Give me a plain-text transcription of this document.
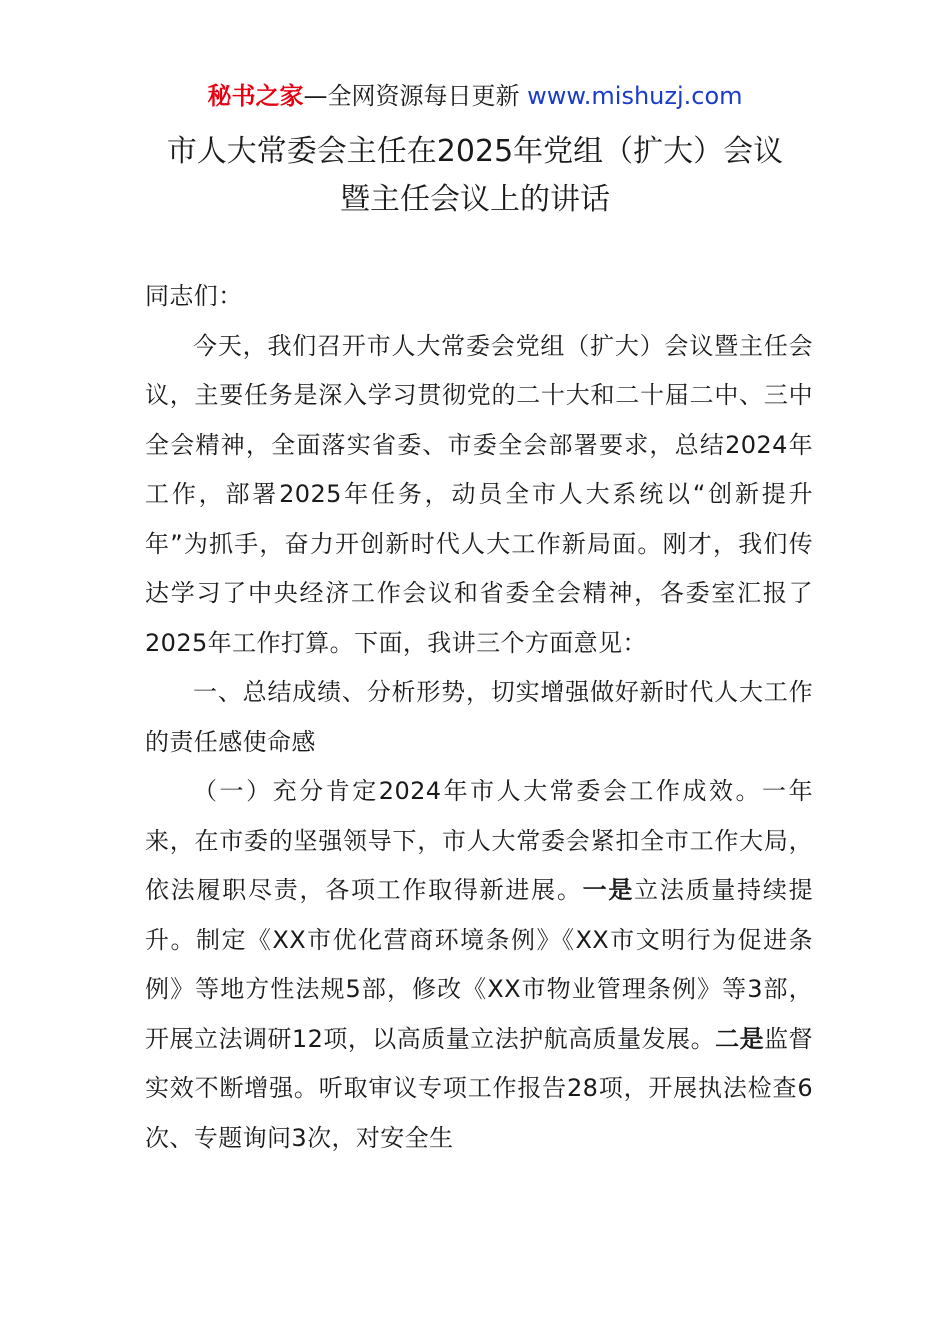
秘书之家—全网资源每日更新 www.mishuzj.com
市人大常委会主任在2025年党组（扩大）会议
暨主任会议上的讲话

同志们：

今天，我们召开市人大常委会党组（扩大）会议暨主任会议，主要任务是深入学习贯彻党的二十大和二十届二中、三中全会精神，全面落实省委、市委全会部署要求，总结2024年工作，部署2025年任务，动员全市人大系统以“创新提升年”为抓手，奋力开创新时代人大工作新局面。刚才，我们传达学习了中央经济工作会议和省委全会精神，各委室汇报了2025年工作打算。下面，我讲三个方面意见：

一、总结成绩、分析形势，切实增强做好新时代人大工作的责任感使命感

（一）充分肯定2024年市人大常委会工作成效。一年来，在市委的坚强领导下，市人大常委会紧扣全市工作大局，依法履职尽责，各项工作取得新进展。一是立法质量持续提升。制定《XX市优化营商环境条例》《XX市文明行为促进条例》等地方性法规5部，修改《XX市物业管理条例》等3部，开展立法调研12项，以高质量立法护航高质量发展。二是监督实效不断增强。听取审议专项工作报告28项，开展执法检查6次、专题询问3次，对安全生
